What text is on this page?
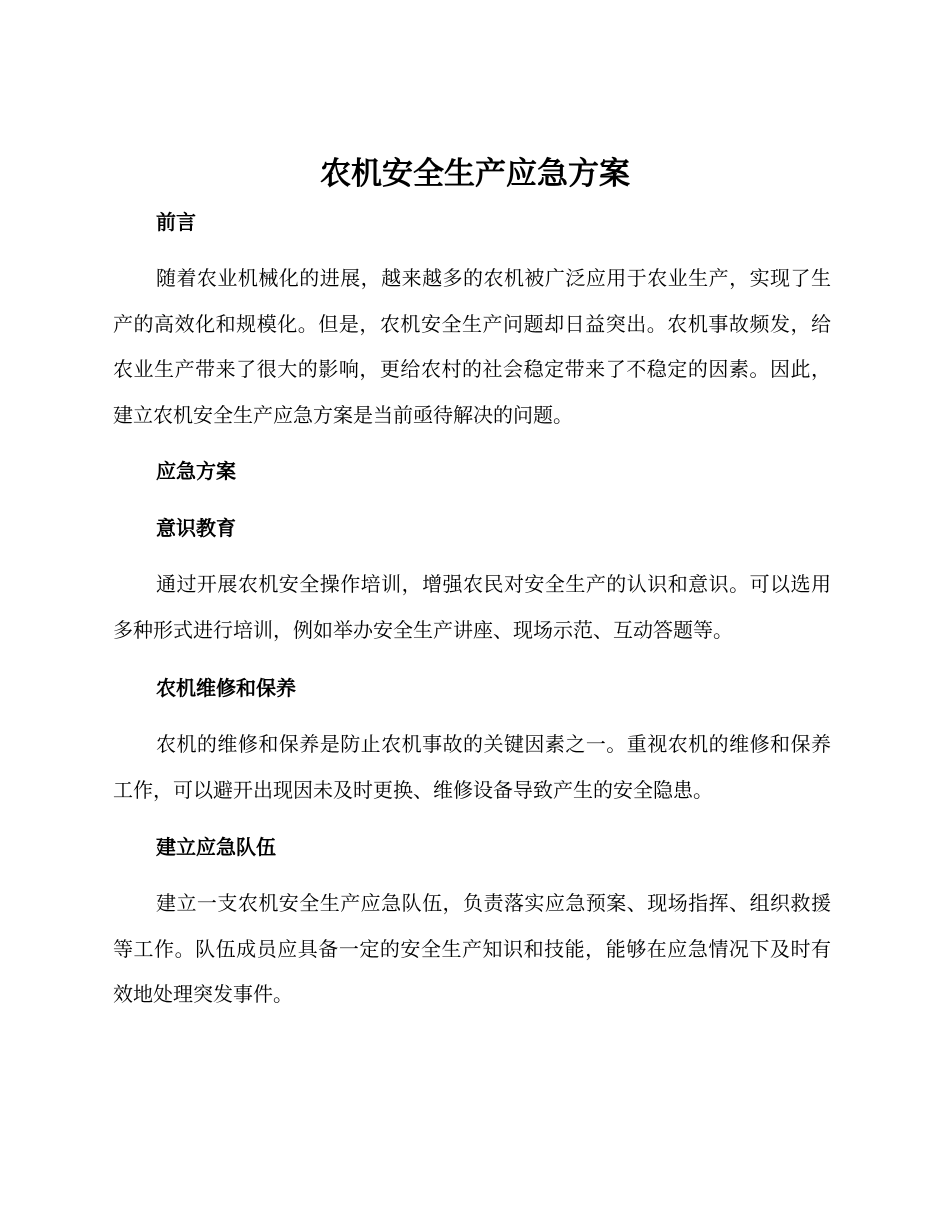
农机安全生产应急方案
前言

随着农业机械化的进展，越来越多的农机被广泛应用于农业生产，实现了生产的高效化和规模化。但是，农机安全生产问题却日益突出。农机事故频发，给农业生产带来了很大的影响，更给农村的社会稳定带来了不稳定的因素。因此，建立农机安全生产应急方案是当前亟待解决的问题。

应急方案
意识教育

通过开展农机安全操作培训，增强农民对安全生产的认识和意识。可以选用多种形式进行培训，例如举办安全生产讲座、现场示范、互动答题等。

农机维修和保养

农机的维修和保养是防止农机事故的关键因素之一。重视农机的维修和保养工作，可以避开出现因未及时更换、维修设备导致产生的安全隐患。

建立应急队伍

建立一支农机安全生产应急队伍，负责落实应急预案、现场指挥、组织救援等工作。队伍成员应具备一定的安全生产知识和技能，能够在应急情况下及时有效地处理突发事件。
